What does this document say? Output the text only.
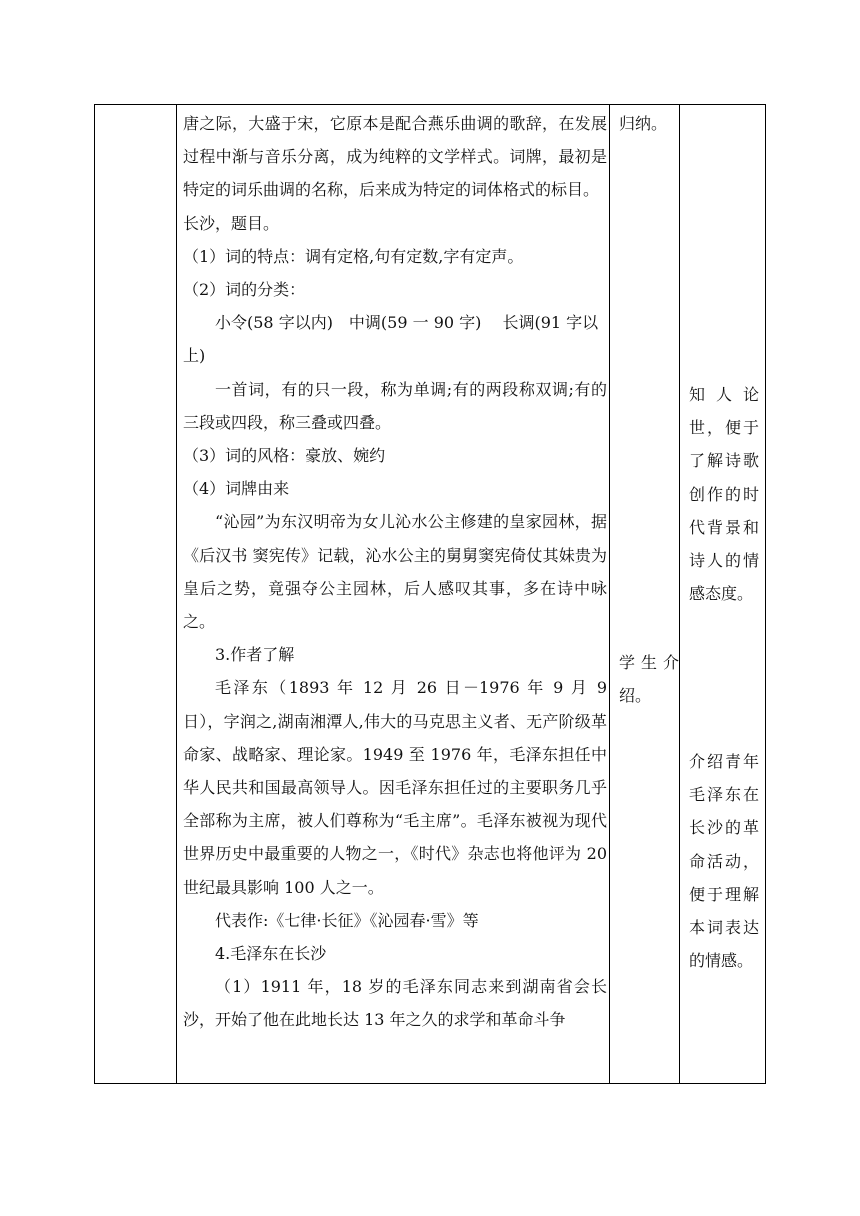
唐之际，大盛于宋，它原本是配合燕乐曲调的歌辞，在发展过程中渐与音乐分离，成为纯粹的文学样式。词牌，最初是特定的词乐曲调的名称，后来成为特定的词体格式的标目。

长沙，题目。

（1）词的特点：调有定格,句有定数,字有定声。

（2）词的分类：

小令(58 字以内)　中调(59 一 90 字)　 长调(91 字以上)

一首词，有的只一段，称为单调;有的两段称双调;有的三段或四段，称三叠或四叠。

（3）词的风格：豪放、婉约

（4）词牌由来

“沁园”为东汉明帝为女儿沁水公主修建的皇家园林，据《后汉书 窦宪传》记载，沁水公主的舅舅窦宪倚仗其妹贵为皇后之势，竟强夺公主园林，后人感叹其事，多在诗中咏之。

3.作者了解

毛泽东（1893 年 12 月 26 日－1976 年 9 月 9 日），字润之,湖南湘潭人,伟大的马克思主义者、无产阶级革命家、战略家、理论家。1949 至 1976 年，毛泽东担任中华人民共和国最高领导人。因毛泽东担任过的主要职务几乎全部称为主席，被人们尊称为“毛主席”。毛泽东被视为现代世界历史中最重要的人物之一，《时代》杂志也将他评为 20 世纪最具影响 100 人之一。

代表作:《七律·长征》《沁园春·雪》等

4.毛泽东在长沙

（1）1911 年，18 岁的毛泽东同志来到湖南省会长沙，开始了他在此地长达 13 年之久的求学和革命斗争

归纳。

学生介绍。

知人论世，便于了解诗歌创作的时代背景和诗人的情感态度。

介绍青年毛泽东在长沙的革命活动，便于理解本词表达的情感。
